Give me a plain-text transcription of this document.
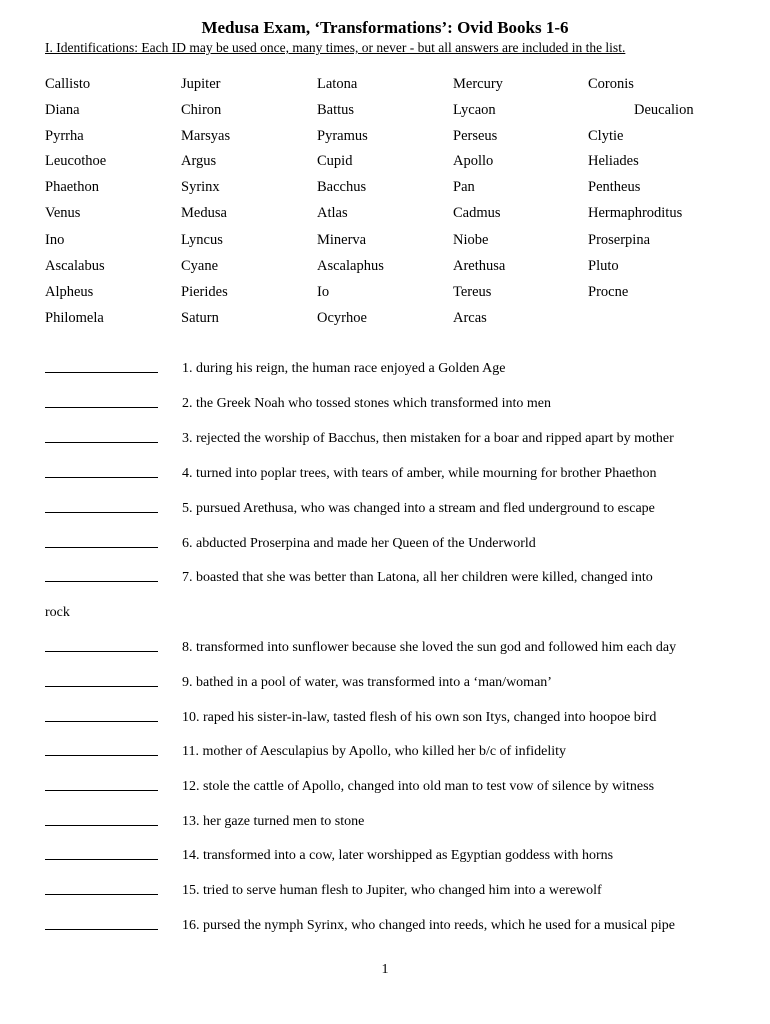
Medusa Exam, ‘Transformations’: Ovid Books 1-6
I. Identifications: Each ID may be used once, many times, or never - but all answers are included in the list.
Callisto
Diana
Pyrrha
Leucothoe
Phaethon
Venus
Ino
Ascalabus
Alpheus
Philomela
Jupiter
Chiron
Marsyas
Argus
Syrinx
Medusa
Lyncus
Cyane
Pierides
Saturn
Latona
Battus
Pyramus
Cupid
Bacchus
Atlas
Minerva
Ascalaphus
Io
Ocyrhoe
Mercury
Lycaon
Perseus
Apollo
Pan
Cadmus
Niobe
Arethusa
Tereus
Arcas
Coronis
Deucalion
Clytie
Heliades
Pentheus
Hermaphroditus
Proserpina
Pluto
Procne
1. during his reign, the human race enjoyed a Golden Age
2. the Greek Noah who tossed stones which transformed into men
3. rejected the worship of Bacchus, then mistaken for a boar and ripped apart by mother
4. turned into poplar trees, with tears of amber, while mourning for brother Phaethon
5. pursued Arethusa, who was changed into a stream and fled underground to escape
6. abducted Proserpina and made her Queen of the Underworld
7. boasted that she was better than Latona, all her children were killed, changed into
rock
8. transformed into sunflower because she loved the sun god and followed him each day
9. bathed in a pool of water, was transformed into a ‘man/woman’
10. raped his sister-in-law, tasted flesh of his own son Itys, changed into hoopoe bird
11. mother of Aesculapius by Apollo, who killed her b/c of infidelity
12. stole the cattle of Apollo, changed into old man to test vow of silence by witness
13. her gaze turned men to stone
14. transformed into a cow, later worshipped as Egyptian goddess with horns
15. tried to serve human flesh to Jupiter, who changed him into a werewolf
16. pursed the nymph Syrinx, who changed into reeds, which he used for a musical pipe
1
